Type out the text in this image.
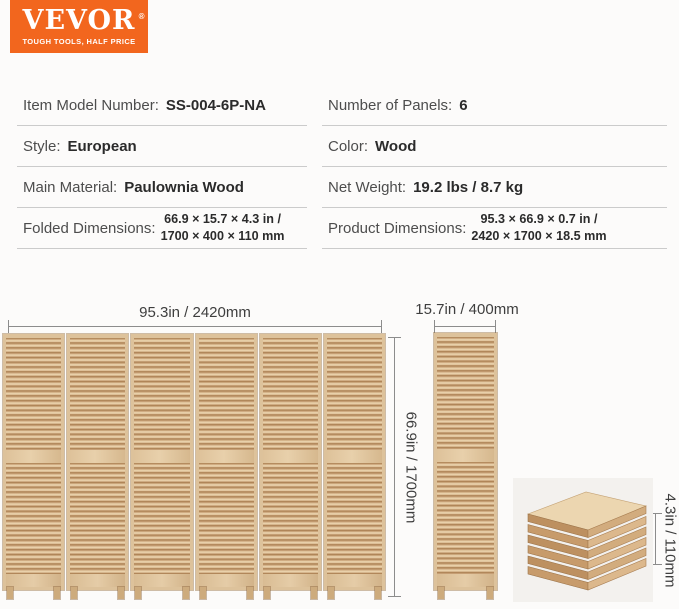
VEVOR ®
TOUGH TOOLS, HALF PRICE
Item Model Number: SS-004-6P-NA
Style: European
Main Material: Paulownia Wood
Folded Dimensions:
66.9 × 15.7 × 4.3 in /
1700 × 400 × 110 mm
Number of Panels: 6
Color: Wood
Net Weight: 19.2 lbs / 8.7 kg
Product Dimensions:
95.3 × 66.9 × 0.7 in /
2420 × 1700 × 18.5 mm
95.3in / 2420mm	15.7in / 400mm
66.9in / 1700mm
4.3in / 110mm
